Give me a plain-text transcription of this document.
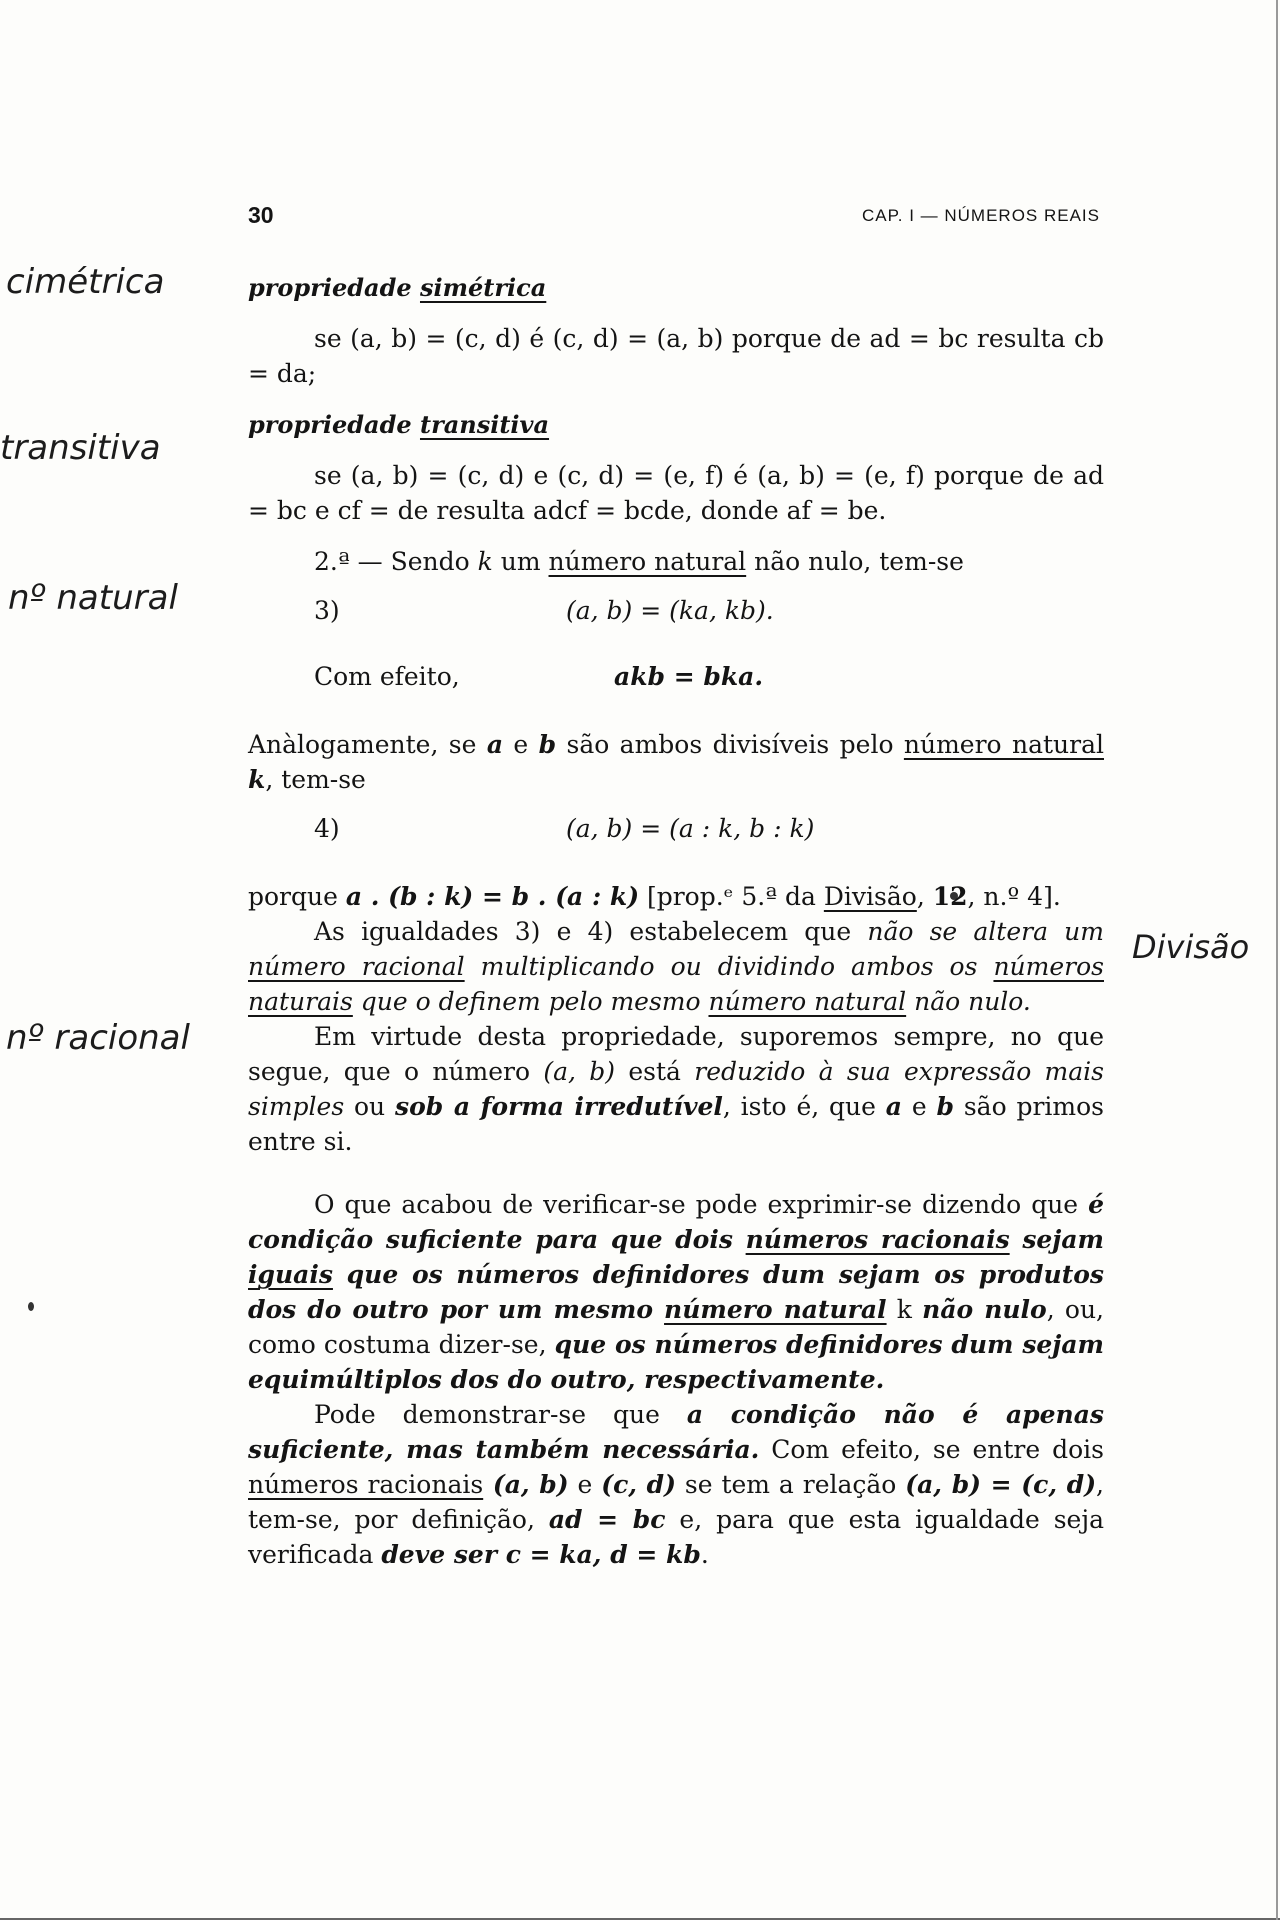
30	CAP. I — NÚMEROS REAIS
cimétrica
transitiva
nº natural
Divisão
nº racional

propriedade simétrica

se (a, b) = (c, d) é (c, d) = (a, b) porque de ad = bc resulta cb = da;

propriedade transitiva

se (a, b) = (c, d) e (c, d) = (e, f) é (a, b) = (e, f) porque de ad = bc e cf = de resulta adcf = bcde, donde af = be.

2.ª — Sendo k um número natural não nulo, tem-se

3)	(a, b) = (ka, kb).
Com efeito,	akb = bka.

Anàlogamente, se a e b são ambos divisíveis pelo número natural k, tem-se

4)	(a, b) = (a : k, b : k)

porque a . (b : k) = b . (a : k) [prop.ᵉ 5.ª da Divisão, 12, n.º 4].

As igualdades 3) e 4) estabelecem que não se altera um número racional multiplicando ou dividindo ambos os números naturais que o definem pelo mesmo número natural não nulo.

Em virtude desta propriedade, suporemos sempre, no que segue, que o número (a, b) está reduzido à sua expressão mais simples ou sob a forma irredutível, isto é, que a e b são primos entre si.

O que acabou de verificar-se pode exprimir-se dizendo que é condição suficiente para que dois números racionais sejam iguais que os números definidores dum sejam os produtos dos do outro por um mesmo número natural k não nulo, ou, como costuma dizer-se, que os números definidores dum sejam equimúltiplos dos do outro, respectivamente.

Pode demonstrar-se que a condição não é apenas suficiente, mas também necessária. Com efeito, se entre dois números racionais (a, b) e (c, d) se tem a relação (a, b) = (c, d), tem-se, por definição, ad = bc e, para que esta igualdade seja verificada deve ser c = ka, d = kb.
